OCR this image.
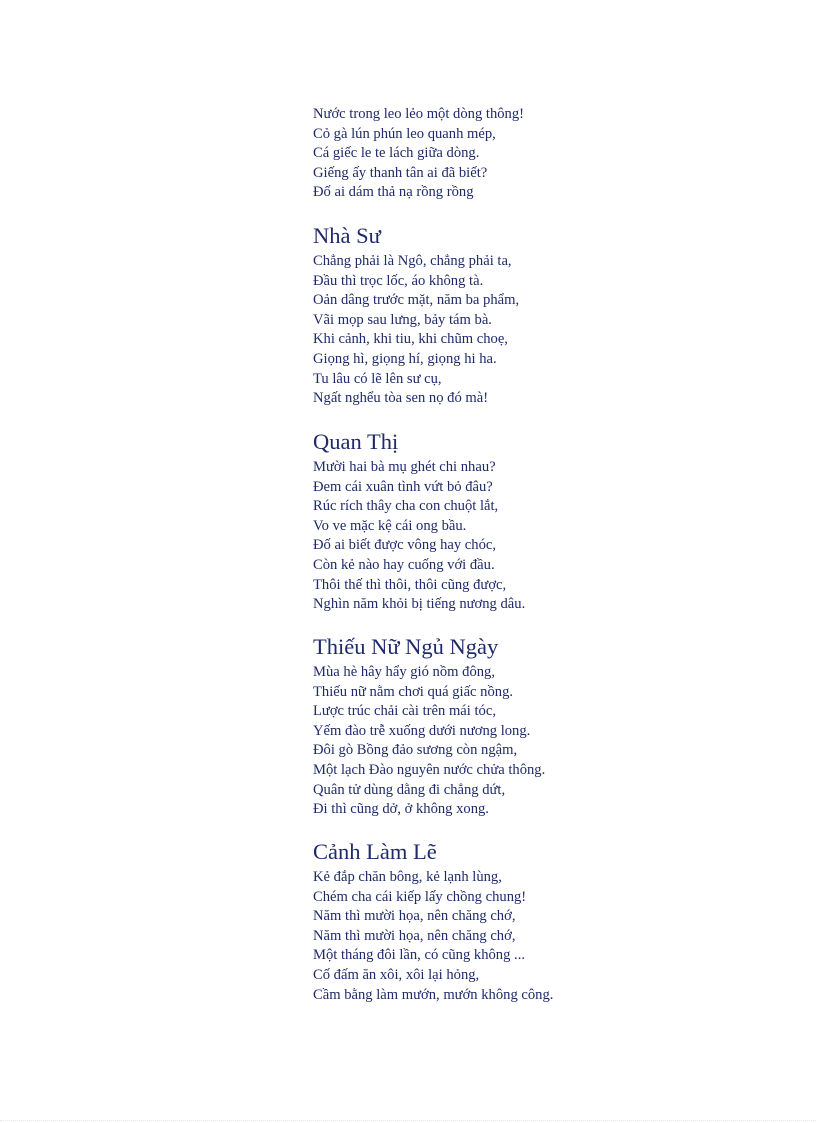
Nước trong leo lẻo một dòng thông!
Cỏ gà lún phún leo quanh mép,
Cá giếc le te lách giữa dòng.
Giếng ấy thanh tân ai đã biết?
Đố ai dám thả nạ rồng rồng
Nhà Sư
Chẳng phải là Ngô, chẳng phải ta,
Đầu thì trọc lốc, áo không tà.
Oản dâng trước mặt, năm ba phẩm,
Vãi mọp sau lưng, bảy tám bà.
Khi cảnh, khi tiu, khi chũm choẹ,
Giọng hì, giọng hí, giọng hi ha.
Tu lâu có lẽ lên sư cụ,
Ngất nghểu tòa sen nọ đó mà!
Quan Thị
Mười hai bà mụ ghét chi nhau?
Đem cái xuân tình vứt bỏ đâu?
Rúc rích thây cha con chuột lắt,
Vo ve mặc kệ cái ong bầu.
Đố ai biết được vông hay chóc,
Còn kẻ nào hay cuống với đầu.
Thôi thế thì thôi, thôi cũng được,
Nghìn năm khỏi bị tiếng nương dâu.
Thiếu Nữ Ngủ Ngày
Mùa hè hây hẩy gió nồm đông,
Thiếu nữ nằm chơi quá giấc nồng.
Lược trúc chải cài trên mái tóc,
Yếm đào trễ xuống dưới nương long.
Đôi gò Bồng đảo sương còn ngậm,
Một lạch Đào nguyên nước chửa thông.
Quân tử dùng dằng đi chẳng dứt,
Đi thì cũng dở, ở không xong.
Cảnh Làm Lẽ
Kẻ đắp chăn bông, kẻ lạnh lùng,
Chém cha cái kiếp lấy chồng chung!
Năm thì mười họa, nên chăng chớ,
Năm thì mười họa, nên chăng chớ,
Một tháng đôi lần, có cũng không ...
Cố đấm ăn xôi, xôi lại hỏng,
Cầm bằng làm mướn, mướn không công.
